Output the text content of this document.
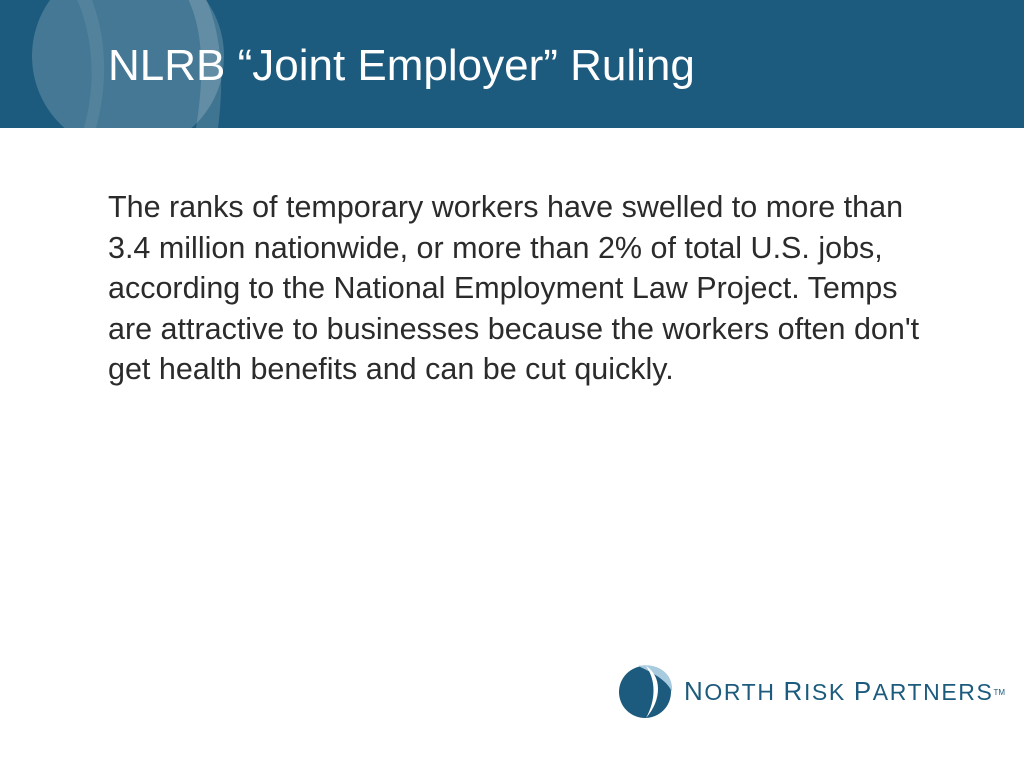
NLRB “Joint Employer” Ruling

The ranks of temporary workers have swelled to more than 3.4 million nationwide, or more than 2% of total U.S. jobs, according to the National Employment Law Project. Temps are attractive to businesses because the workers often don't get health benefits and can be cut quickly.

NORTH RISK PARTNERS™
